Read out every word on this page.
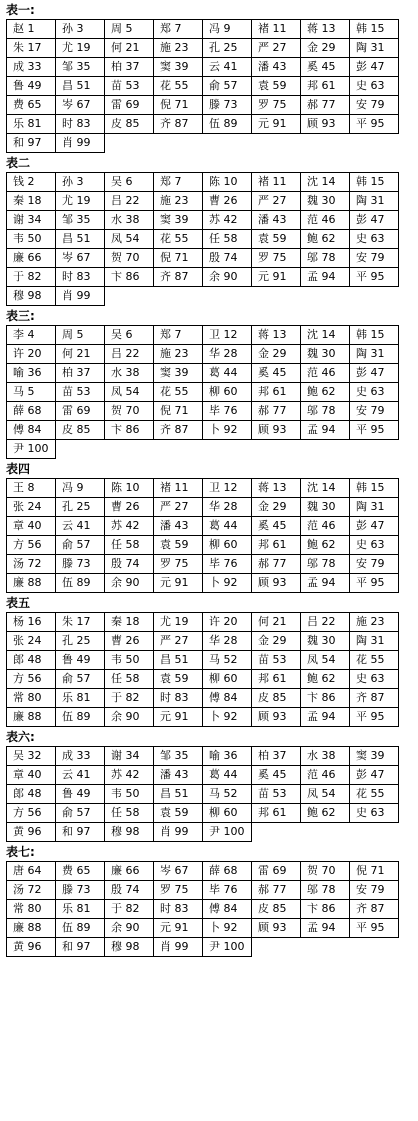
表一:
赵 1	孙 3	周 5	郑 7	冯 9	褚 11	蒋 13	韩 15
朱 17	尤 19	何 21	施 23	孔 25	严 27	金 29	陶 31
成 33	邹 35	柏 37	窦 39	云 41	潘 43	奚 45	彭 47
鲁 49	昌 51	苗 53	花 55	俞 57	袁 59	邦 61	史 63
费 65	岑 67	雷 69	倪 71	滕 73	罗 75	郝 77	安 79
乐 81	时 83	皮 85	齐 87	伍 89	元 91	顾 93	平 95
和 97	肖 99						
表二
钱 2	孙 3	吴 6	郑 7	陈 10	褚 11	沈 14	韩 15
秦 18	尤 19	吕 22	施 23	曹 26	严 27	魏 30	陶 31
谢 34	邹 35	水 38	窦 39	苏 42	潘 43	范 46	彭 47
韦 50	昌 51	凤 54	花 55	任 58	袁 59	鲍 62	史 63
廉 66	岑 67	贺 70	倪 71	殷 74	罗 75	邬 78	安 79
于 82	时 83	卞 86	齐 87	余 90	元 91	孟 94	平 95
穆 98	肖 99						
表三:
李 4	周 5	吴 6	郑 7	卫 12	蒋 13	沈 14	韩 15
许 20	何 21	吕 22	施 23	华 28	金 29	魏 30	陶 31
喻 36	柏 37	水 38	窦 39	葛 44	奚 45	范 46	彭 47
马 5	苗 53	凤 54	花 55	柳 60	邦 61	鲍 62	史 63
薛 68	雷 69	贺 70	倪 71	毕 76	郝 77	邬 78	安 79
傅 84	皮 85	卞 86	齐 87	卜 92	顾 93	孟 94	平 95
尹 100							
表四
王 8	冯 9	陈 10	褚 11	卫 12	蒋 13	沈 14	韩 15
张 24	孔 25	曹 26	严 27	华 28	金 29	魏 30	陶 31
章 40	云 41	苏 42	潘 43	葛 44	奚 45	范 46	彭 47
方 56	俞 57	任 58	袁 59	柳 60	邦 61	鲍 62	史 63
汤 72	滕 73	殷 74	罗 75	毕 76	郝 77	邬 78	安 79
廉 88	伍 89	余 90	元 91	卜 92	顾 93	孟 94	平 95
表五
杨 16	朱 17	秦 18	尤 19	许 20	何 21	吕 22	施 23
张 24	孔 25	曹 26	严 27	华 28	金 29	魏 30	陶 31
郎 48	鲁 49	韦 50	昌 51	马 52	苗 53	凤 54	花 55
方 56	俞 57	任 58	袁 59	柳 60	邦 61	鲍 62	史 63
常 80	乐 81	于 82	时 83	傅 84	皮 85	卞 86	齐 87
廉 88	伍 89	余 90	元 91	卜 92	顾 93	孟 94	平 95
表六:
吴 32	成 33	谢 34	邹 35	喻 36	柏 37	水 38	窦 39
章 40	云 41	苏 42	潘 43	葛 44	奚 45	范 46	彭 47
郎 48	鲁 49	韦 50	昌 51	马 52	苗 53	凤 54	花 55
方 56	俞 57	任 58	袁 59	柳 60	邦 61	鲍 62	史 63
黄 96	和 97	穆 98	肖 99	尹 100			
表七:
唐 64	费 65	廉 66	岑 67	薛 68	雷 69	贺 70	倪 71
汤 72	滕 73	殷 74	罗 75	毕 76	郝 77	邬 78	安 79
常 80	乐 81	于 82	时 83	傅 84	皮 85	卞 86	齐 87
廉 88	伍 89	余 90	元 91	卜 92	顾 93	孟 94	平 95
黄 96	和 97	穆 98	肖 99	尹 100			
